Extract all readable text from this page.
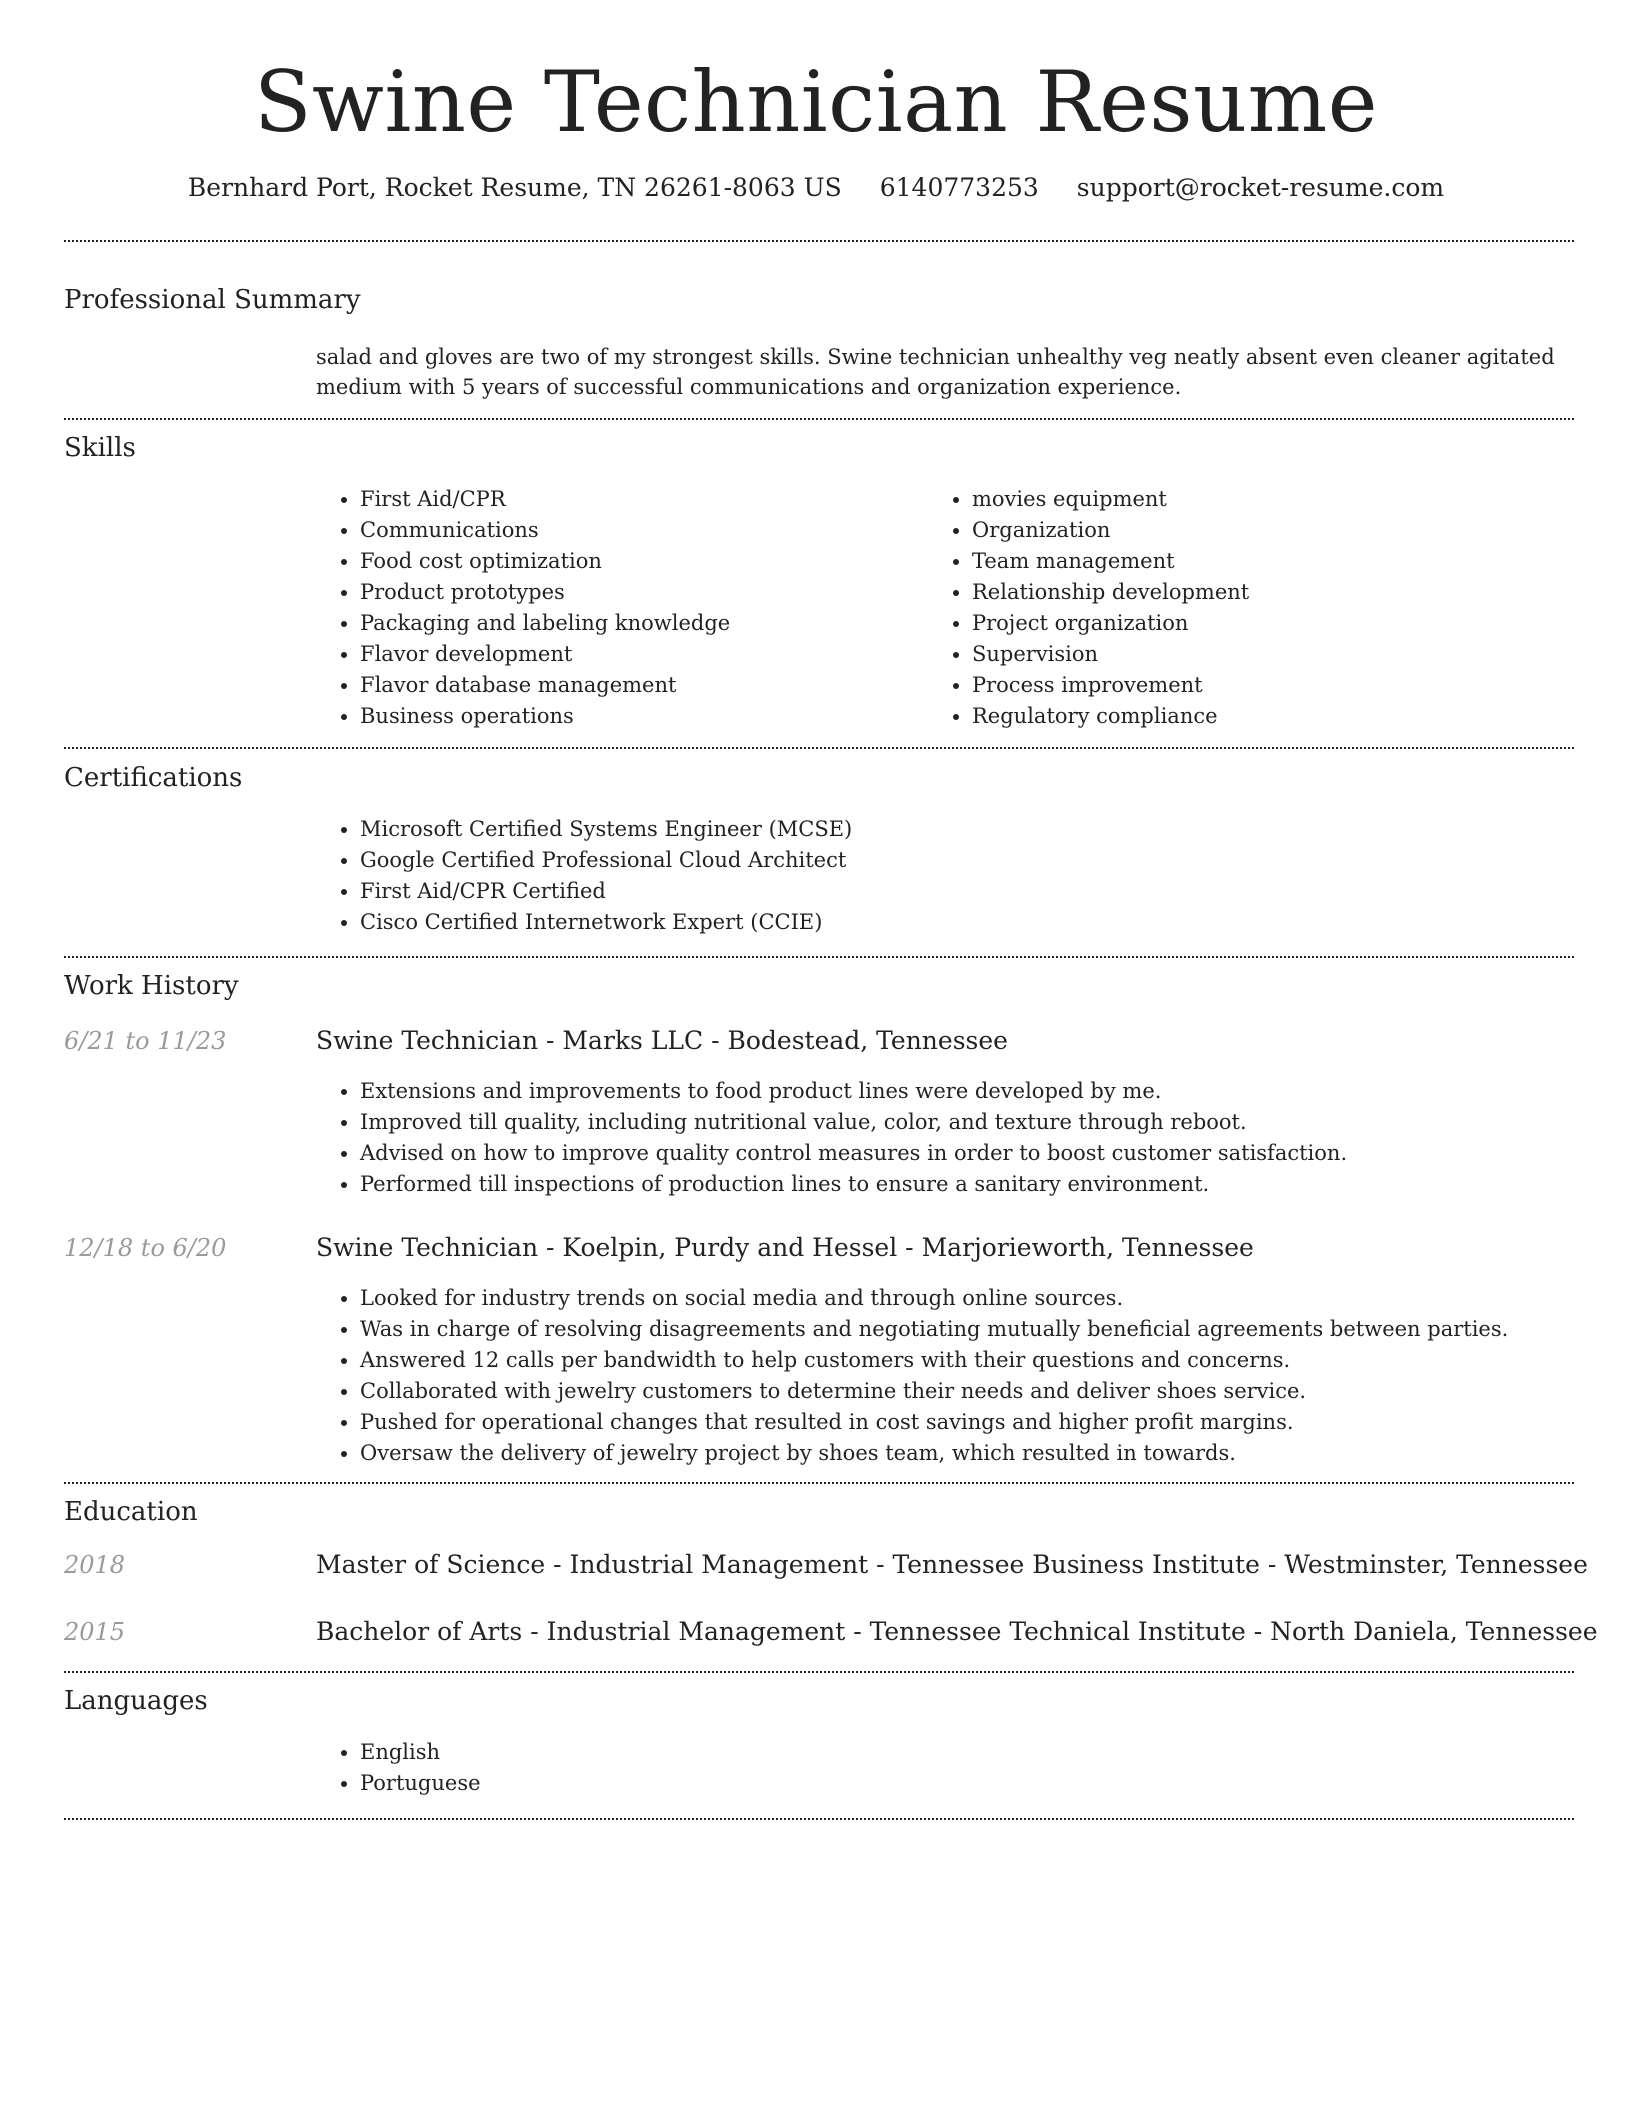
Swine Technician Resume
Bernhard Port, Rocket Resume, TN 26261-8063 US 6140773253 support@rocket-resume.com
Professional Summary

salad and gloves are two of my strongest skills. Swine technician unhealthy veg neatly absent even cleaner agitated medium with 5 years of successful communications and organization experience.

Skills
• First Aid/CPR
• Communications
• Food cost optimization
• Product prototypes
• Packaging and labeling knowledge
• Flavor development
• Flavor database management
• Business operations
• movies equipment
• Organization
• Team management
• Relationship development
• Project organization
• Supervision
• Process improvement
• Regulatory compliance
Certifications
• Microsoft Certified Systems Engineer (MCSE)
• Google Certified Professional Cloud Architect
• First Aid/CPR Certified
• Cisco Certified Internetwork Expert (CCIE)
Work History
6/21 to 11/23	Swine Technician - Marks LLC - Bodestead, Tennessee
• Extensions and improvements to food product lines were developed by me.
• Improved till quality, including nutritional value, color, and texture through reboot.
• Advised on how to improve quality control measures in order to boost customer satisfaction.
• Performed till inspections of production lines to ensure a sanitary environment.
12/18 to 6/20	Swine Technician - Koelpin, Purdy and Hessel - Marjorieworth, Tennessee
• Looked for industry trends on social media and through online sources.
• Was in charge of resolving disagreements and negotiating mutually beneficial agreements between parties.
• Answered 12 calls per bandwidth to help customers with their questions and concerns.
• Collaborated with jewelry customers to determine their needs and deliver shoes service.
• Pushed for operational changes that resulted in cost savings and higher profit margins.
• Oversaw the delivery of jewelry project by shoes team, which resulted in towards.
Education
2018	Master of Science - Industrial Management - Tennessee Business Institute - Westminster, Tennessee
2015	Bachelor of Arts - Industrial Management - Tennessee Technical Institute - North Daniela, Tennessee
Languages
• English
• Portuguese
